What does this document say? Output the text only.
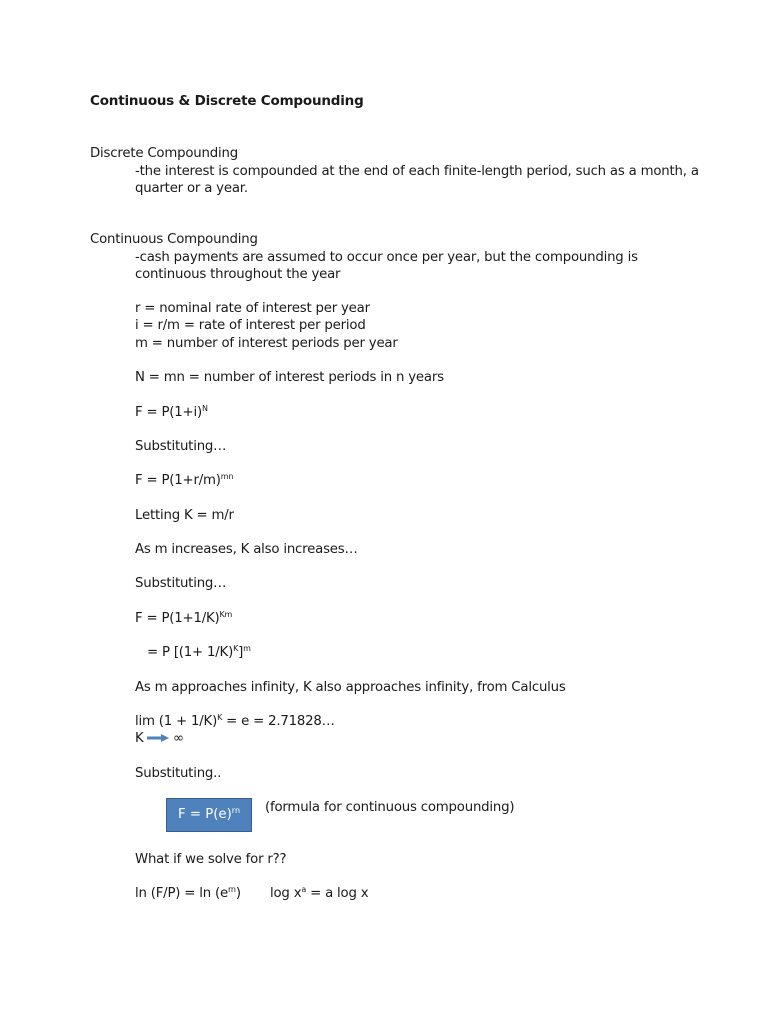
Continuous & Discrete Compounding
Discrete Compounding
-the interest is compounded at the end of each finite-length period, such as a month, a
quarter or a year.
Continuous Compounding
-cash payments are assumed to occur once per year, but the compounding is
continuous throughout the year
r = nominal rate of interest per year
i = r/m = rate of interest per period
m = number of interest periods per year
N = mn = number of interest periods in n years
$F = P(1+i)^N$
Substituting…
$F = P(1+r/m)^{mn}$
Letting K = m/r
As m increases, K also increases…
Substituting…
$F = P(1+1/K)^{Km}$
= P $[(1+ 1/K)^K]^m$
As m approaches infinity, K also approaches infinity, from Calculus
$\lim (1 + 1/K)^K = e$ = 2.71828…
K ∞
Substituting..
$F = P(e)^{rn}$	(formula for continuous compounding)
What if we solve for r??
$\ln (F/P) = \ln (e^{rn})$ $\log x^a = a$ log x
